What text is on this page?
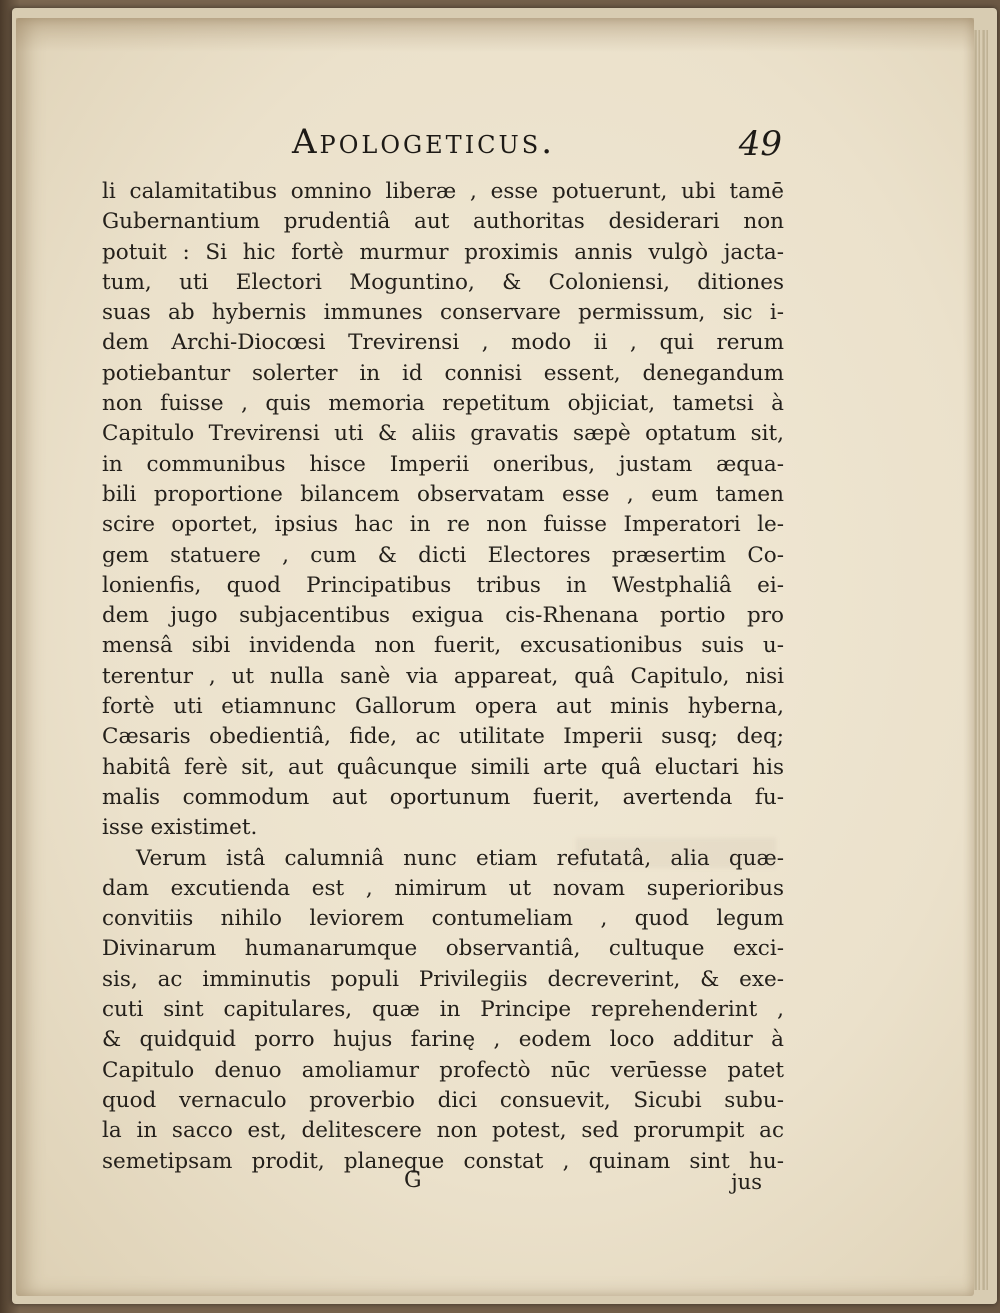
Apologeticus.	49
li calamitatibus omnino liberæ , esse potuerunt, ubi tamē
Gubernantium prudentiâ aut authoritas desiderari non
potuit : Si hic fortè murmur proximis annis vulgò jacta-
tum, uti Electori Moguntino, & Coloniensi, ditiones
suas ab hybernis immunes conservare permissum, sic i-
dem Archi-Diocœsi Trevirensi , modo ii , qui rerum
potiebantur solerter in id connisi essent, denegandum
non fuisse , quis memoria repetitum objiciat, tametsi à
Capitulo Trevirensi uti & aliis gravatis sæpè optatum sit,
in communibus hisce Imperii oneribus, justam æqua-
bili proportione bilancem observatam esse , eum tamen
scire oportet, ipsius hac in re non fuisse Imperatori le-
gem statuere , cum & dicti Electores præsertim Co-
lonienfis, quod Principatibus tribus in Westphaliâ ei-
dem jugo subjacentibus exigua cis-Rhenana portio pro
mensâ sibi invidenda non fuerit, excusationibus suis u-
terentur , ut nulla sanè via appareat, quâ Capitulo, nisi
fortè uti etiamnunc Gallorum opera aut minis hyberna,
Cæsaris obedientiâ, fide, ac utilitate Imperii susq; deq;
habitâ ferè sit, aut quâcunque simili arte quâ eluctari his
malis commodum aut oportunum fuerit, avertenda fu-
isse existimet.
Verum istâ calumniâ nunc etiam refutatâ, alia quæ-
dam excutienda est , nimirum ut novam superioribus
convitiis nihilo leviorem contumeliam , quod legum
Divinarum humanarumque observantiâ, cultuque exci-
sis, ac imminutis populi Privilegiis decreverint, & exe-
cuti sint capitulares, quæ in Principe reprehenderint ,
& quidquid porro hujus farinę , eodem loco additur à
Capitulo denuo amoliamur profectò nūc verūesse patet
quod vernaculo proverbio dici consuevit, Sicubi subu-
la in sacco est, delitescere non potest, sed prorumpit ac
semetipsam prodit, planeque constat , quinam sint hu-
G	jus
